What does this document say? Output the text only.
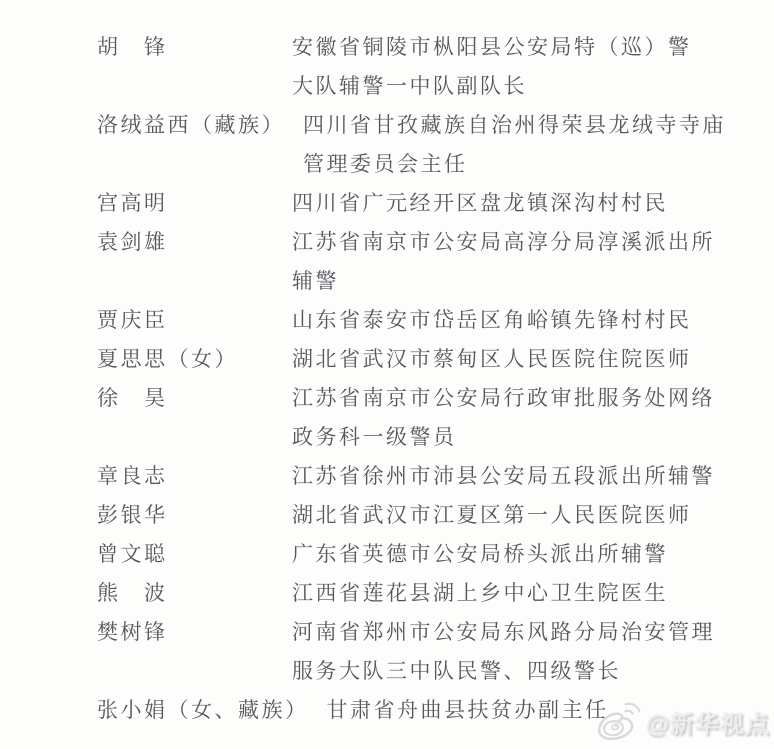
胡　锋	安徽省铜陵市枞阳县公安局特（巡）警
大队辅警一中队副队长
洛绒益西（藏族） 四川省甘孜藏族自治州得荣县龙绒寺寺庙
管理委员会主任
宫高明	四川省广元经开区盘龙镇深沟村村民
袁剑雄	江苏省南京市公安局高淳分局淳溪派出所
辅警
贾庆臣	山东省泰安市岱岳区角峪镇先锋村村民
夏思思（女）	湖北省武汉市蔡甸区人民医院住院医师
徐　昊	江苏省南京市公安局行政审批服务处网络
政务科一级警员
章良志	江苏省徐州市沛县公安局五段派出所辅警
彭银华	湖北省武汉市江夏区第一人民医院医师
曾文聪	广东省英德市公安局桥头派出所辅警
熊　波	江西省莲花县湖上乡中心卫生院医生
樊树锋	河南省郑州市公安局东风路分局治安管理
服务大队三中队民警、四级警长
张小娟（女、藏族） 甘肃省舟曲县扶贫办副主任
@新华视点
